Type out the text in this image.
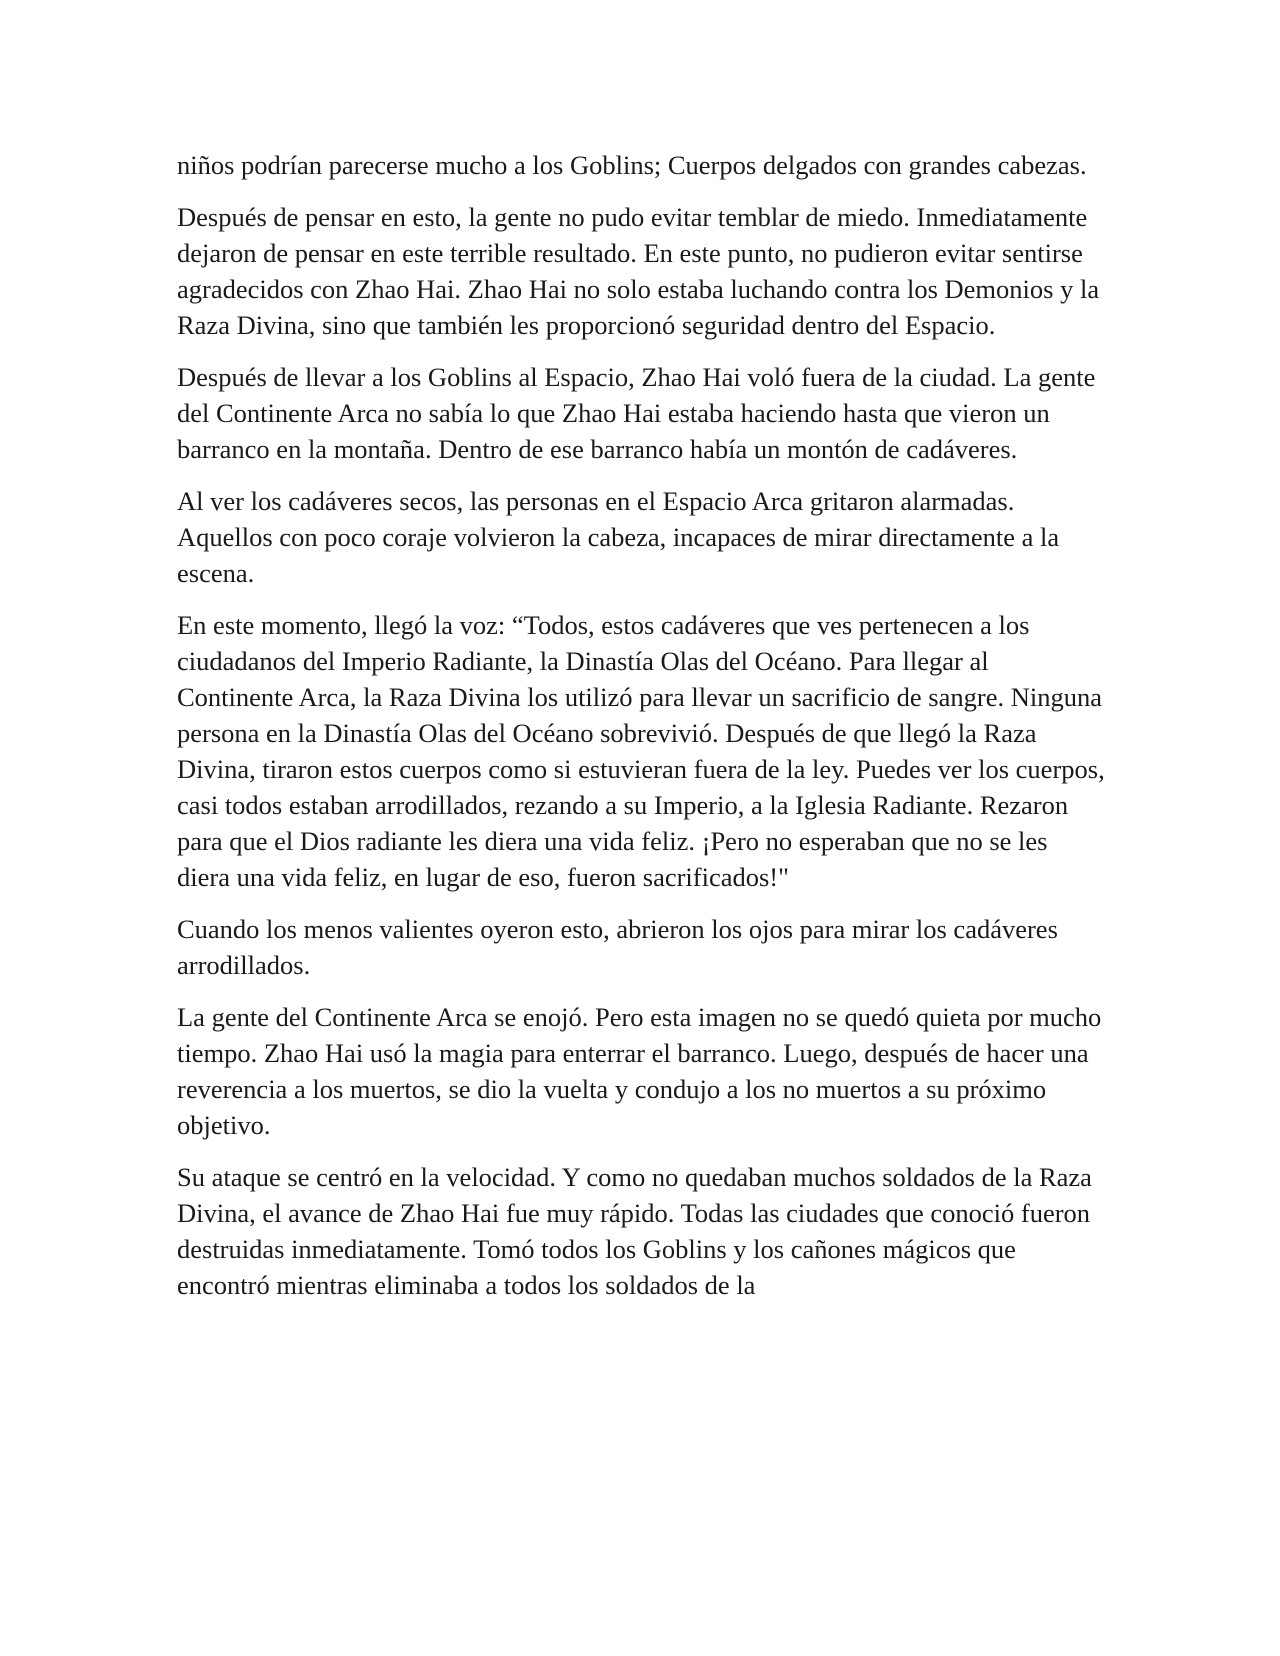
niños podrían parecerse mucho a los Goblins; Cuerpos delgados con grandes cabezas.

Después de pensar en esto, la gente no pudo evitar temblar de miedo. Inmediatamente dejaron de pensar en este terrible resultado. En este punto, no pudieron evitar sentirse agradecidos con Zhao Hai. Zhao Hai no solo estaba luchando contra los Demonios y la Raza Divina, sino que también les proporcionó seguridad dentro del Espacio.

Después de llevar a los Goblins al Espacio, Zhao Hai voló fuera de la ciudad. La gente del Continente Arca no sabía lo que Zhao Hai estaba haciendo hasta que vieron un barranco en la montaña. Dentro de ese barranco había un montón de cadáveres.

Al ver los cadáveres secos, las personas en el Espacio Arca gritaron alarmadas. Aquellos con poco coraje volvieron la cabeza, incapaces de mirar directamente a la escena.

En este momento, llegó la voz: “Todos, estos cadáveres que ves pertenecen a los ciudadanos del Imperio Radiante, la Dinastía Olas del Océano. Para llegar al Continente Arca, la Raza Divina los utilizó para llevar un sacrificio de sangre. Ninguna persona en la Dinastía Olas del Océano sobrevivió. Después de que llegó la Raza Divina, tiraron estos cuerpos como si estuvieran fuera de la ley. Puedes ver los cuerpos, casi todos estaban arrodillados, rezando a su Imperio, a la Iglesia Radiante. Rezaron para que el Dios radiante les diera una vida feliz. ¡Pero no esperaban que no se les diera una vida feliz, en lugar de eso, fueron sacrificados!"

Cuando los menos valientes oyeron esto, abrieron los ojos para mirar los cadáveres arrodillados.

La gente del Continente Arca se enojó. Pero esta imagen no se quedó quieta por mucho tiempo. Zhao Hai usó la magia para enterrar el barranco. Luego, después de hacer una reverencia a los muertos, se dio la vuelta y condujo a los no muertos a su próximo objetivo.

Su ataque se centró en la velocidad. Y como no quedaban muchos soldados de la Raza Divina, el avance de Zhao Hai fue muy rápido. Todas las ciudades que conoció fueron destruidas inmediatamente. Tomó todos los Goblins y los cañones mágicos que encontró mientras eliminaba a todos los soldados de la
